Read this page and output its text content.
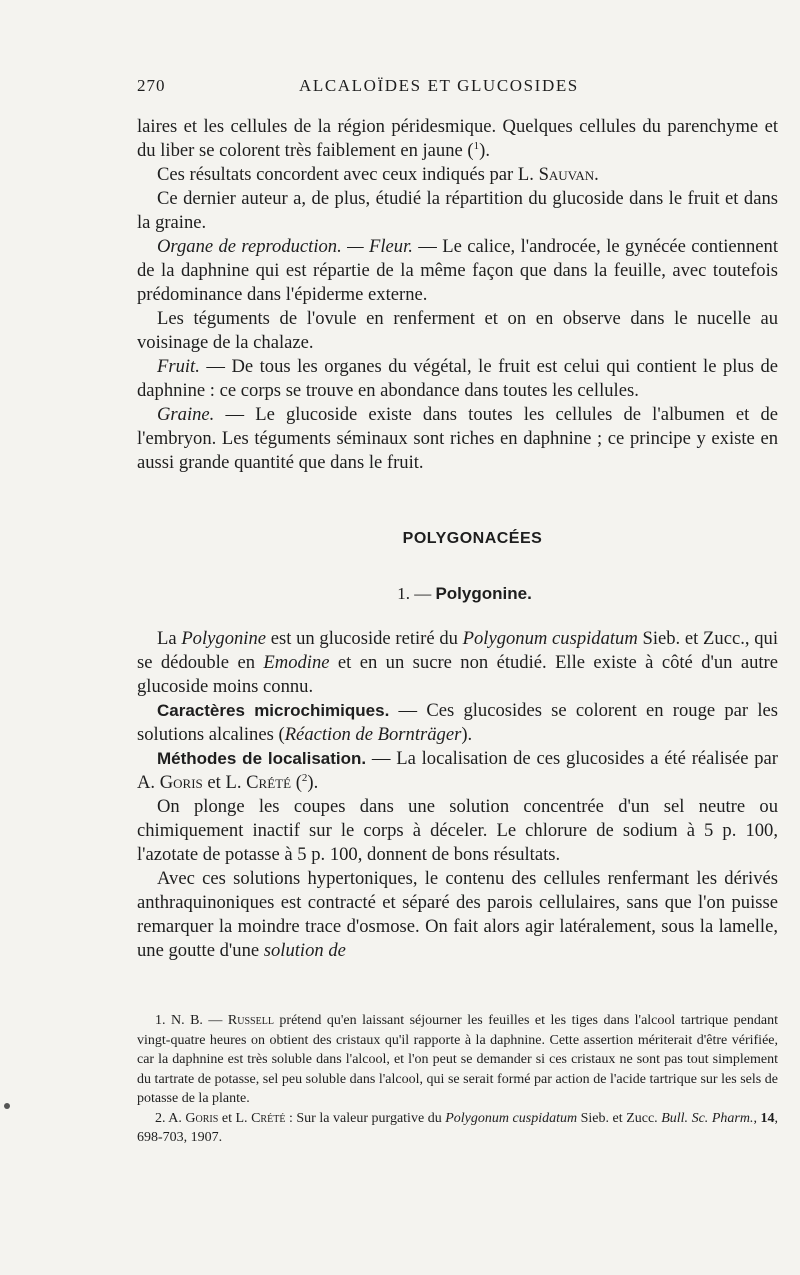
270	ALCALOÏDES ET GLUCOSIDES

laires et les cellules de la région péridesmique. Quelques cellules du parenchyme et du liber se colorent très faiblement en jaune ($^1$).

Ces résultats concordent avec ceux indiqués par L. Sauvan.

Ce dernier auteur a, de plus, étudié la répartition du glucoside dans le fruit et dans la graine.

Organe de reproduction. — Fleur. — Le calice, l'androcée, le gynécée contiennent de la daphnine qui est répartie de la même façon que dans la feuille, avec toutefois prédominance dans l'épiderme externe.

Les téguments de l'ovule en renferment et on en observe dans le nucelle au voisinage de la chalaze.

Fruit. — De tous les organes du végétal, le fruit est celui qui contient le plus de daphnine : ce corps se trouve en abondance dans toutes les cellules.

Graine. — Le glucoside existe dans toutes les cellules de l'albumen et de l'embryon. Les téguments séminaux sont riches en daphnine ; ce principe y existe en aussi grande quantité que dans le fruit.

POLYGONACÉES
1. — Polygonine.

La Polygonine est un glucoside retiré du Polygonum cuspidatum Sieb. et Zucc., qui se dédouble en Emodine et en un sucre non étudié. Elle existe à côté d'un autre glucoside moins connu.

Caractères microchimiques. — Ces glucosides se colorent en rouge par les solutions alcalines (Réaction de Bornträger).

Méthodes de localisation. — La localisation de ces glucosides a été réalisée par A. Goris et L. Crété ($^2$).

On plonge les coupes dans une solution concentrée d'un sel neutre ou chimiquement inactif sur le corps à déceler. Le chlorure de sodium à 5 p. 100, l'azotate de potasse à 5 p. 100, donnent de bons résultats.

Avec ces solutions hypertoniques, le contenu des cellules renfermant les dérivés anthraquinoniques est contracté et séparé des parois cellulaires, sans que l'on puisse remarquer la moindre trace d'osmose. On fait alors agir latéralement, sous la lamelle, une goutte d'une solution de

1. N. B. — Russell prétend qu'en laissant séjourner les feuilles et les tiges dans l'alcool tartrique pendant vingt-quatre heures on obtient des cristaux qu'il rapporte à la daphnine. Cette assertion mériterait d'être vérifiée, car la daphnine est très soluble dans l'alcool, et l'on peut se demander si ces cristaux ne sont pas tout simplement du tartrate de potasse, sel peu soluble dans l'alcool, qui se serait formé par action de l'acide tartrique sur les sels de potasse de la plante.

2. A. Goris et L. Crété : Sur la valeur purgative du Polygonum cuspidatum Sieb. et Zucc. Bull. Sc. Pharm., 14, 698-703, 1907.
